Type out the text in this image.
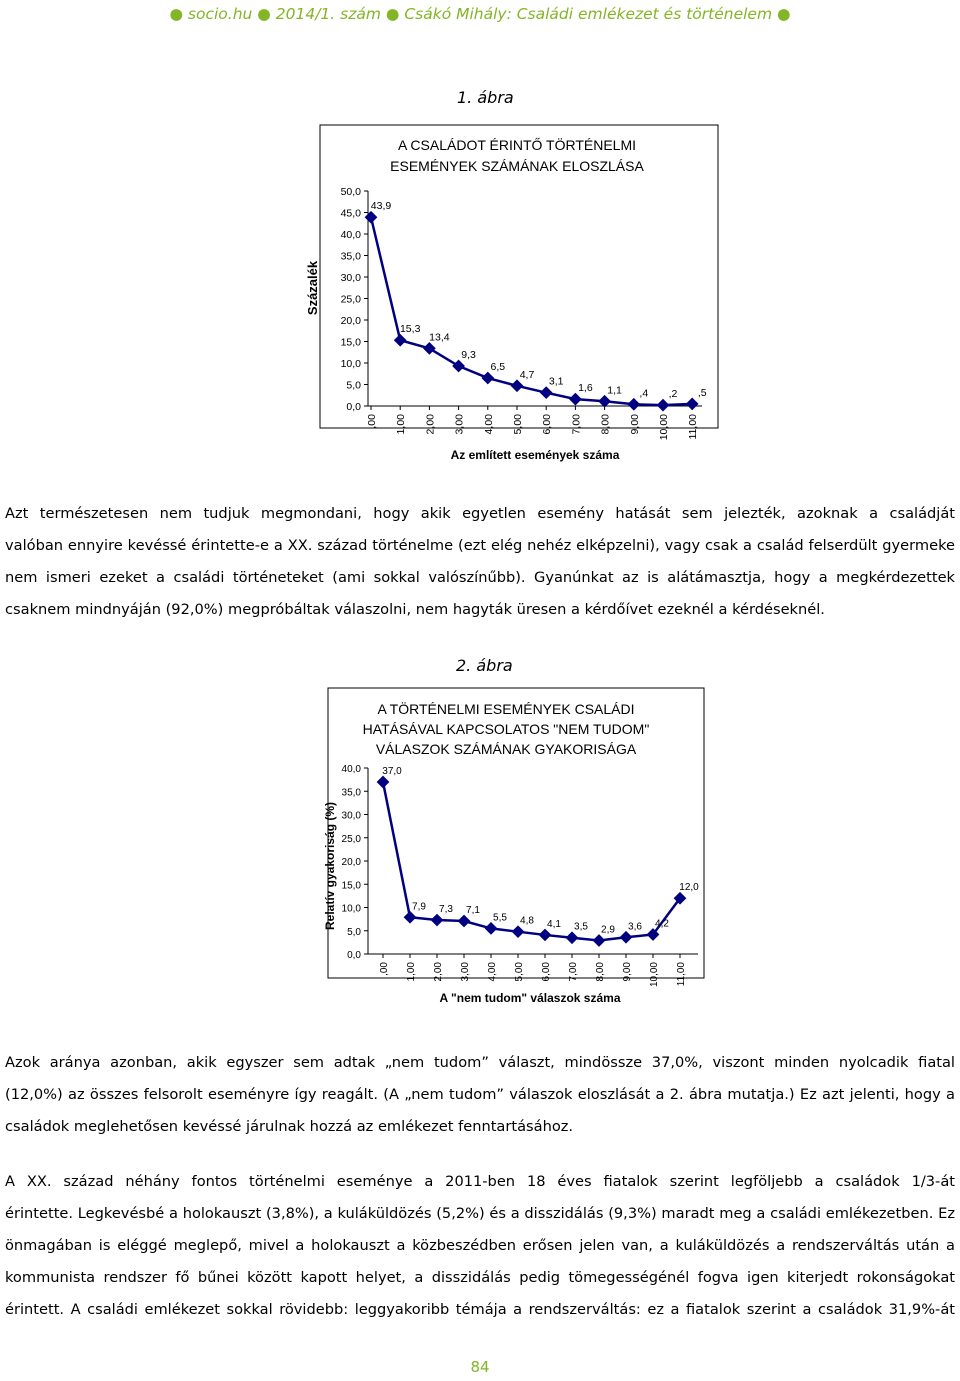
● socio.hu ● 2014/1. szám ● Csákó Mihály: Családi emlékezet és történelem ●
1. ábra
A CSALÁDOT ÉRINTŐ TÖRTÉNELMI
ESEMÉNYEK SZÁMÁNAK ELOSZLÁSA
Százalék
Az említett események száma
0,0
5,0
10,0
15,0
20,0
25,0
30,0
35,0
40,0
45,0
50,0
,00 1,00 2,00 3,00 4,00 5,00 6,00 7,00 8,00 9,00 10,00 11,00
43,9
15,3
13,4
9,3
6,5
4,7
3,1
1,6 1,1 ,4 ,2 ,5
Azt természetesen nem tudjuk megmondani, hogy akik egyetlen esemény hatását sem jelezték, azoknak a családját
valóban ennyire kevéssé érintette-e a XX. század történelme (ezt elég nehéz elképzelni), vagy csak a család felserdült gyermeke
nem ismeri ezeket a családi történeteket (ami sokkal valószínűbb). Gyanúnkat az is alátámasztja, hogy a megkérdezettek
csaknem mindnyáján (92,0%) megpróbáltak válaszolni, nem hagyták üresen a kérdőívet ezeknél a kérdéseknél.
2. ábra
A TÖRTÉNELMI ESEMÉNYEK CSALÁDI
HATÁSÁVAL KAPCSOLATOS "NEM TUDOM"
VÁLASZOK SZÁMÁNAK GYAKORISÁGA
Relatív gyakoriság (%)
A "nem tudom" válaszok száma
0,0
5,0
10,0
15,0
20,0
25,0
30,0
35,0
40,0
,00 1,00 2,00 3,00 4,00 5,00 6,00 7,00 8,00 9,00 10,00 11,00
37,0
7,9 7,3 7,1
5,5 4,8 4,1 3,5 2,9 3,6 4,2
12,0
Azok aránya azonban, akik egyszer sem adtak „nem tudom” választ, mindössze 37,0%, viszont minden nyolcadik fiatal
(12,0%) az összes felsorolt eseményre így reagált. (A „nem tudom” válaszok eloszlását a 2. ábra mutatja.) Ez azt jelenti, hogy a
családok meglehetősen kevéssé járulnak hozzá az emlékezet fenntartásához.
A XX. század néhány fontos történelmi eseménye a 2011-ben 18 éves fiatalok szerint legföljebb a családok 1/3-át
érintette. Legkevésbé a holokauszt (3,8%), a kuláküldözés (5,2%) és a disszidálás (9,3%) maradt meg a családi emlékezetben. Ez
önmagában is eléggé meglepő, mivel a holokauszt a közbeszédben erősen jelen van, a kuláküldözés a rendszerváltás után a
kommunista rendszer fő bűnei között kapott helyet, a disszidálás pedig tömegességénél fogva igen kiterjedt rokonságokat
érintett. A családi emlékezet sokkal rövidebb: leggyakoribb témája a rendszerváltás: ez a fiatalok szerint a családok 31,9%-át
84
